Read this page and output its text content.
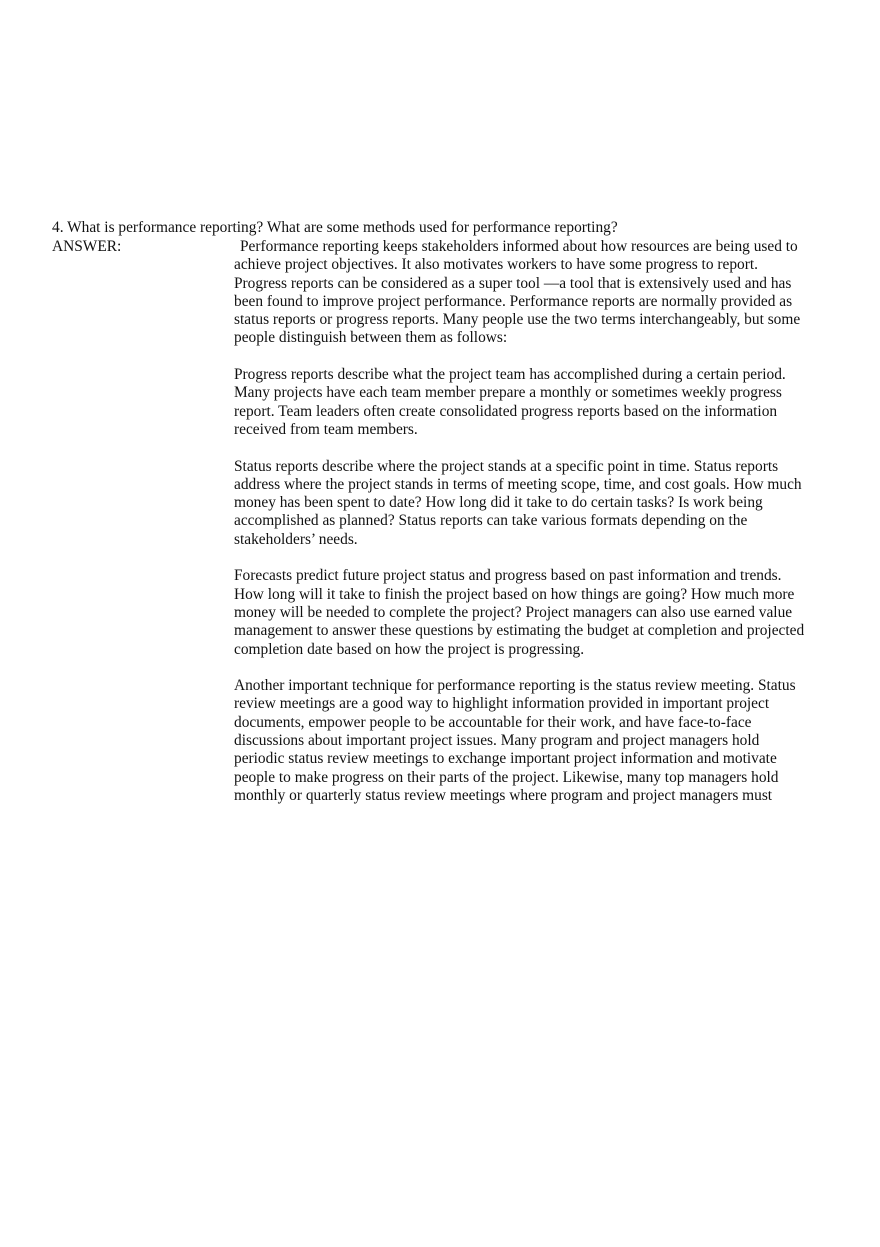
4. What is performance reporting? What are some methods used for performance reporting?
ANSWER:	Performance reporting keeps stakeholders informed about how resources are being used to
achieve project objectives. It also motivates workers to have some progress to report.
Progress reports can be considered as a super tool —a tool that is extensively used and has
been found to improve project performance. Performance reports are normally provided as
status reports or progress reports. Many people use the two terms interchangeably, but some
people distinguish between them as follows:

Progress reports describe what the project team has accomplished during a certain period.
Many projects have each team member prepare a monthly or sometimes weekly progress
report. Team leaders often create consolidated progress reports based on the information
received from team members.

Status reports describe where the project stands at a specific point in time. Status reports
address where the project stands in terms of meeting scope, time, and cost goals. How much
money has been spent to date? How long did it take to do certain tasks? Is work being
accomplished as planned? Status reports can take various formats depending on the
stakeholders’ needs.

Forecasts predict future project status and progress based on past information and trends.
How long will it take to finish the project based on how things are going? How much more
money will be needed to complete the project? Project managers can also use earned value
management to answer these questions by estimating the budget at completion and projected
completion date based on how the project is progressing.

Another important technique for performance reporting is the status review meeting. Status
review meetings are a good way to highlight information provided in important project
documents, empower people to be accountable for their work, and have face-to-face
discussions about important project issues. Many program and project managers hold
periodic status review meetings to exchange important project information and motivate
people to make progress on their parts of the project. Likewise, many top managers hold
monthly or quarterly status review meetings where program and project managers must
